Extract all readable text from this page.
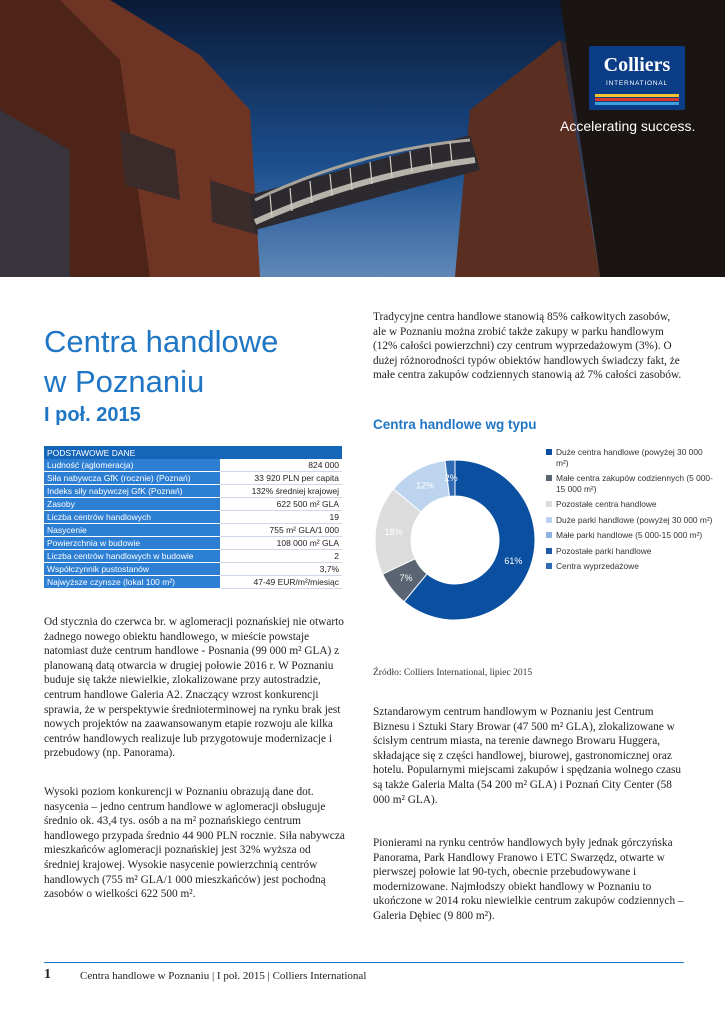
Colliers
INTERNATIONAL
Accelerating success.
Centra handlowe
w Poznaniu
I poł. 2015
PODSTAWOWE DANE	
Ludność (aglomeracja)	824 000
Siła nabywcza GfK (rocznie) (Poznań)	33 920 PLN per capita
Indeks siły nabywczej GfK (Poznań)	132% średniej krajowej
Zasoby	622 500 m² GLA
Liczba centrów handlowych	19
Nasycenie	755 m² GLA/1 000
Powierzchnia w budowie	108 000 m² GLA
Liczba centrów handlowych w budowie	2
Współczynnik pustostanów	3,7%
Najwyższe czynsze (lokal 100 m²)	47-49 EUR/m²/miesiąc

Od stycznia do czerwca br. w aglomeracji poznańskiej nie otwarto żadnego nowego obiektu handlowego, w mieście powstaje natomiast duże centrum handlowe - Posnania (99 000 m² GLA) z planowaną datą otwarcia w drugiej połowie 2016 r. W Poznaniu buduje się także niewielkie, zlokalizowane przy autostradzie, centrum handlowe Galeria A2. Znaczący wzrost konkurencji sprawia, że w perspektywie średnioterminowej na rynku brak jest nowych projektów na zaawansowanym etapie rozwoju ale kilka centrów handlowych realizuje lub przygotowuje modernizacje i przebudowy (np. Panorama).

Wysoki poziom konkurencji w Poznaniu obrazują dane dot. nasycenia – jedno centrum handlowe w aglomeracji obsługuje średnio ok. 43,4 tys. osób a na m² poznańskiego centrum handlowego przypada średnio 44 900 PLN rocznie. Siła nabywcza mieszkańców aglomeracji poznańskiej jest 32% wyższa od średniej krajowej. Wysokie nasycenie powierzchnią centrów handlowych (755 m² GLA/1 000 mieszkańców) jest pochodną zasobów o wielkości 622 500 m².

Tradycyjne centra handlowe stanowią 85% całkowitych zasobów, ale w Poznaniu można zrobić także zakupy w parku handlowym (12% całości powierzchni) czy centrum wyprzedażowym (3%). O dużej różnorodności typów obiektów handlowych świadczy fakt, że małe centra zakupów codziennych stanowią aż 7% całości zasobów.

Centra handlowe wg typu
61%
7%
18%
12%
2%
Duże centra handlowe (powyżej 30 000 m²)
Małe centra zakupów codziennych (5 000-15 000 m²)
Pozostałe centra handlowe
Duże parki handlowe (powyżej 30 000 m²)
Małe parki handlowe (5 000-15 000 m²)
Pozostałe parki handlowe
Centra wyprzedażowe
Źródło: Colliers International, lipiec 2015

Sztandarowym centrum handlowym w Poznaniu jest Centrum Biznesu i Sztuki Stary Browar (47 500 m² GLA), zlokalizowane w ścisłym centrum miasta, na terenie dawnego Browaru Huggera, składające się z części handlowej, biurowej, gastronomicznej oraz hotelu. Popularnymi miejscami zakupów i spędzania wolnego czasu są także Galeria Malta (54 200 m² GLA) i Poznań City Center (58 000 m² GLA).

Pionierami na rynku centrów handlowych były jednak górczyńska Panorama, Park Handlowy Franowo i ETC Swarzędz, otwarte w pierwszej połowie lat 90-tych, obecnie przebudowywane i modernizowane. Najmłodszy obiekt handlowy w Poznaniu to ukończone w 2014 roku niewielkie centrum zakupów codziennych – Galeria Dębiec (9 800 m²).

1	Centra handlowe w Poznaniu | I poł. 2015 | Colliers International
